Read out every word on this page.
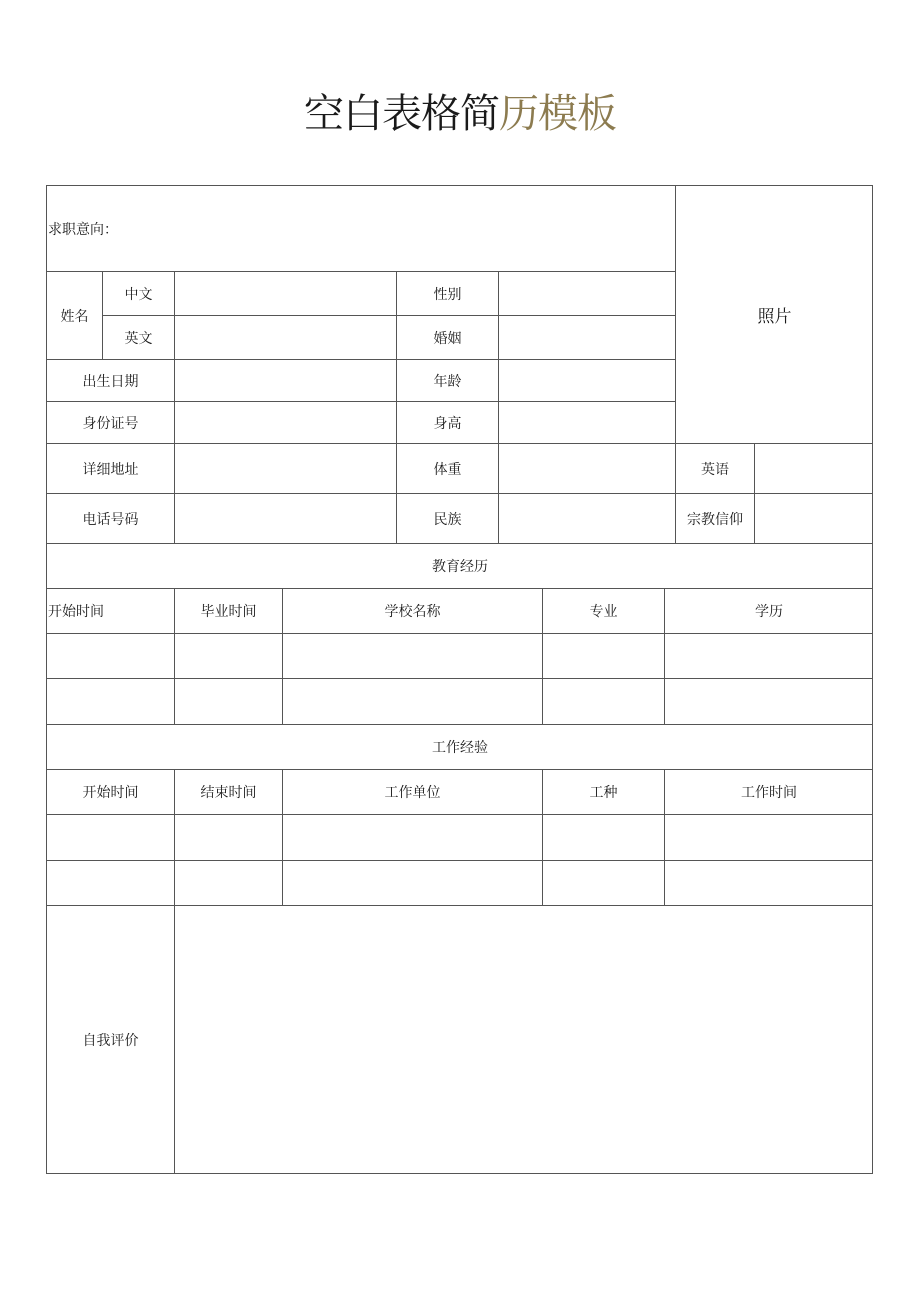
空白表格简历模板
求职意向：
照片
姓名
中文	性别
英文	婚姻
出生日期	年龄
身份证号	身高
详细地址	体重	英语
电话号码	民族	宗教信仰
教育经历
开始时间	毕业时间	学校名称	专业	学历
工作经验
开始时间	结束时间	工作单位	工种	工作时间
自我评价
